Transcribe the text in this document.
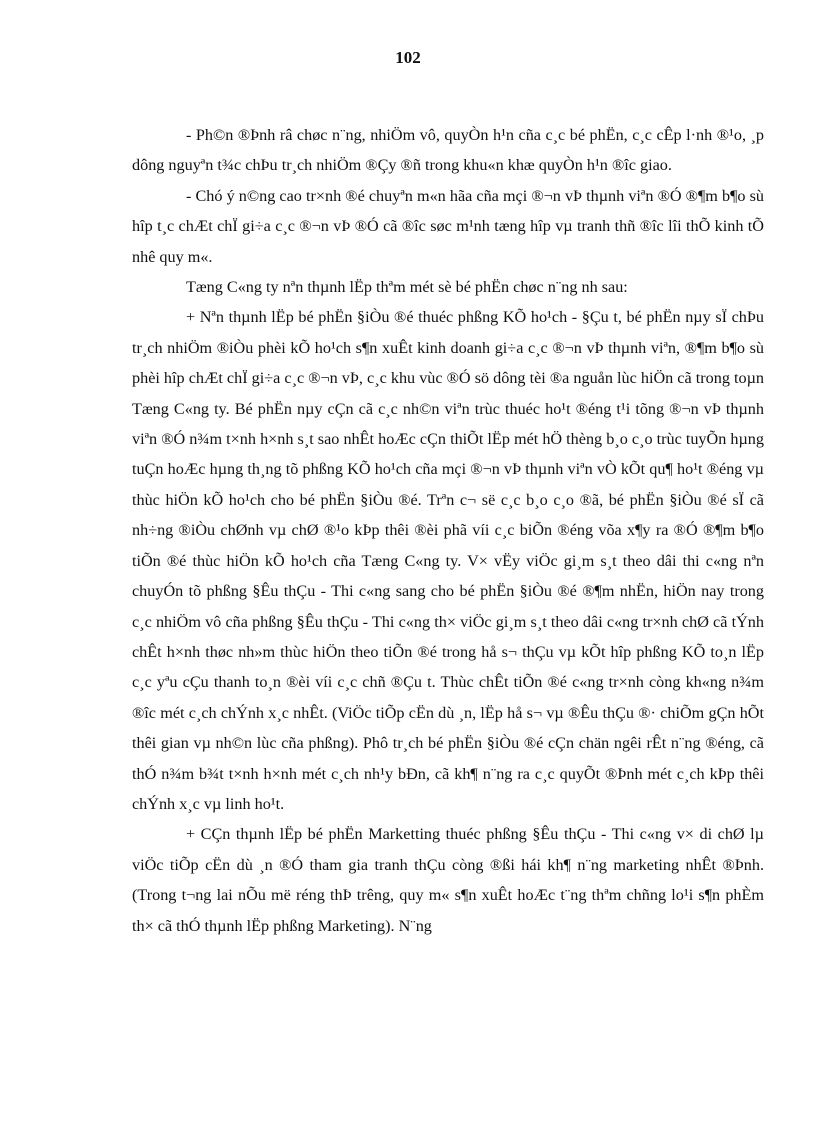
102

- Ph©n ®Þnh râ chøc n¨ng, nhiÖm vô, quyÒn h¹n cña c¸c bé phËn, c¸c cÊp l·nh ®¹o, ¸p dông nguyªn t¾c chÞu tr¸ch nhiÖm ®Çy ®ñ trong khu«n khæ quyÒn h¹n ®îc giao.

- Chó ý n©ng cao tr×nh ®é chuyªn m«n hãa cña mçi ®¬n vÞ thµnh viªn ®Ó ®¶m b¶o sù hîp t¸c chÆt chÏ gi÷a c¸c ®¬n vÞ ®Ó cã ®îc søc m¹nh tæng hîp vµ tranh thñ ®îc lîi thÕ kinh tÕ nhê quy m«.

Tæng C«ng ty nªn thµnh lËp thªm mét sè bé phËn chøc n¨ng nh sau:

+ Nªn thµnh lËp bé phËn §iÒu ®é thuéc phßng KÕ ho¹ch - §Çu t, bé phËn nµy sÏ chÞu tr¸ch nhiÖm ®iÒu phèi kÕ ho¹ch s¶n xuÊt kinh doanh gi÷a c¸c ®¬n vÞ thµnh viªn, ®¶m b¶o sù phèi hîp chÆt chÏ gi÷a c¸c ®¬n vÞ, c¸c khu vùc ®Ó sö dông tèi ®a nguån lùc hiÖn cã trong toµn Tæng C«ng ty. Bé phËn nµy cÇn cã c¸c nh©n viªn trùc thuéc ho¹t ®éng t¹i tõng ®¬n vÞ thµnh viªn ®Ó n¾m t×nh h×nh s¸t sao nhÊt hoÆc cÇn thiÕt lËp mét hÖ thèng b¸o c¸o trùc tuyÕn hµng tuÇn hoÆc hµng th¸ng tõ phßng KÕ ho¹ch cña mçi ®¬n vÞ thµnh viªn vÒ kÕt qu¶ ho¹t ®éng vµ thùc hiÖn kÕ ho¹ch cho bé phËn §iÒu ®é. Trªn c¬ së c¸c b¸o c¸o ®ã, bé phËn §iÒu ®é sÏ cã nh÷ng ®iÒu chØnh vµ chØ ®¹o kÞp thêi ®èi phã víi c¸c biÕn ®éng võa x¶y ra ®Ó ®¶m b¶o tiÕn ®é thùc hiÖn kÕ ho¹ch cña Tæng C«ng ty. V× vËy viÖc gi¸m s¸t theo dâi thi c«ng nªn chuyÓn tõ phßng §Êu thÇu - Thi c«ng sang cho bé phËn §iÒu ®é ®¶m nhËn, hiÖn nay trong c¸c nhiÖm vô cña phßng §Êu thÇu - Thi c«ng th× viÖc gi¸m s¸t theo dâi c«ng tr×nh chØ cã tÝnh chÊt h×nh thøc nh»m thùc hiÖn theo tiÕn ®é trong hå s¬ thÇu vµ kÕt hîp phßng KÕ to¸n lËp c¸c yªu cÇu thanh to¸n ®èi víi c¸c chñ ®Çu t. Thùc chÊt tiÕn ®é c«ng tr×nh còng kh«ng n¾m ®îc mét c¸ch chÝnh x¸c nhÊt. (ViÖc tiÕp cËn dù ¸n, lËp hå s¬ vµ ®Êu thÇu ®· chiÕm gÇn hÕt thêi gian vµ nh©n lùc cña phßng). Phô tr¸ch bé phËn §iÒu ®é cÇn chän ngêi rÊt n¨ng ®éng, cã thÓ n¾m b¾t t×nh h×nh mét c¸ch nh¹y bÐn, cã kh¶ n¨ng ra c¸c quyÕt ®Þnh mét c¸ch kÞp thêi chÝnh x¸c vµ linh ho¹t.

+ CÇn thµnh lËp bé phËn Marketting thuéc phßng §Êu thÇu - Thi c«ng v× di chØ lµ viÖc tiÕp cËn dù ¸n ®Ó tham gia tranh thÇu còng ®ßi hái kh¶ n¨ng marketing nhÊt ®Þnh. (Trong t¬ng lai nÕu më réng thÞ trêng, quy m« s¶n xuÊt hoÆc t¨ng thªm chñng lo¹i s¶n phÈm th× cã thÓ thµnh lËp phßng Marketing). N¨ng
